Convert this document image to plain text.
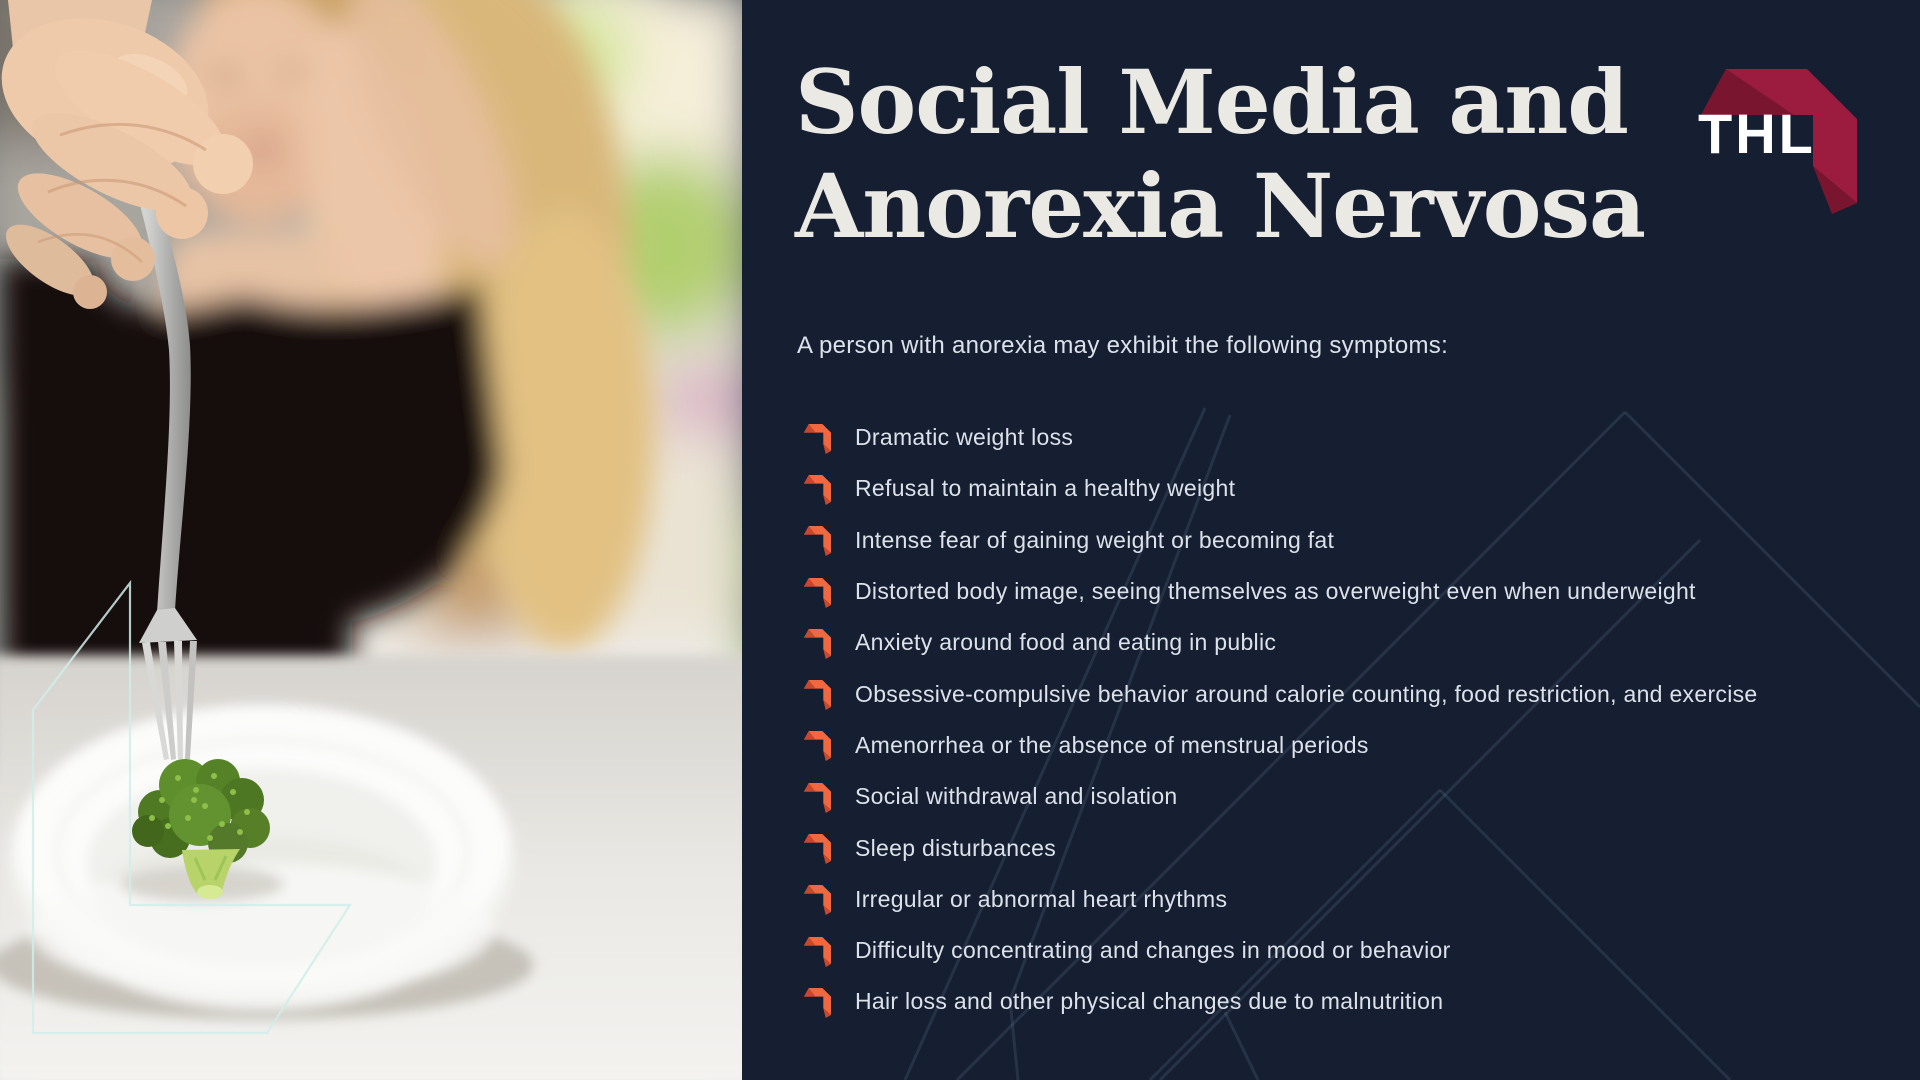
Social Media and
Anorexia Nervosa
THL

A person with anorexia may exhibit the following symptoms:

Dramatic weight loss
Refusal to maintain a healthy weight
Intense fear of gaining weight or becoming fat
Distorted body image, seeing themselves as overweight even when underweight
Anxiety around food and eating in public
Obsessive-compulsive behavior around calorie counting, food restriction, and exercise
Amenorrhea or the absence of menstrual periods
Social withdrawal and isolation
Sleep disturbances
Irregular or abnormal heart rhythms
Difficulty concentrating and changes in mood or behavior
Hair loss and other physical changes due to malnutrition
